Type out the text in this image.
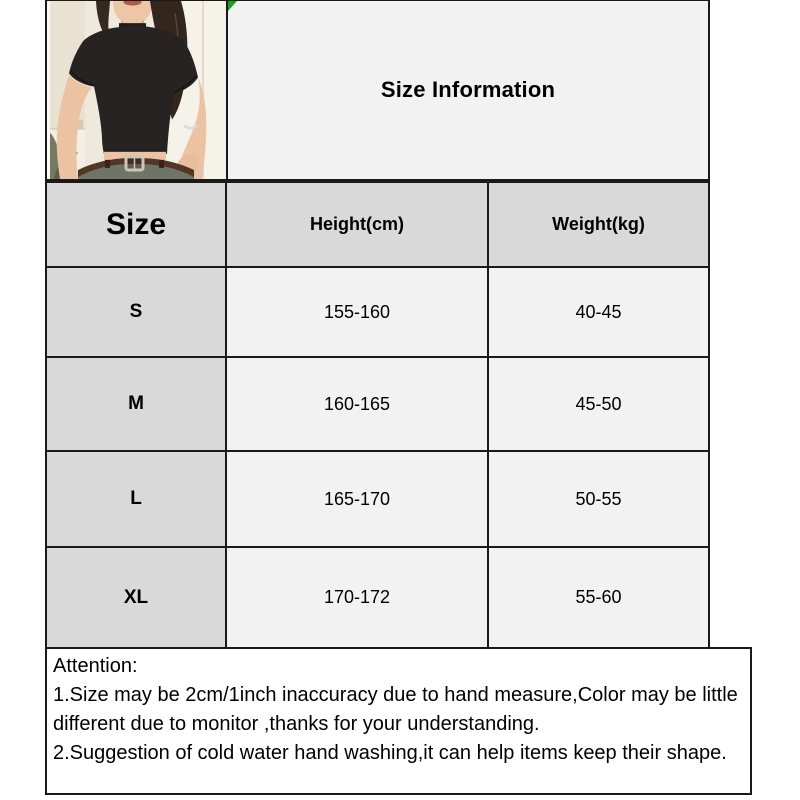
Size Information
Size	Height(cm)	Weight(kg)
S	155-160	40-45
M	160-165	45-50
L	165-170	50-55
XL	170-172	55-60
Attention:
1.Size may be 2cm/1inch inaccuracy due to hand measure,Color may be little different due to monitor ,thanks for your understanding.
2.Suggestion of cold water hand washing,it can help items keep their shape.
